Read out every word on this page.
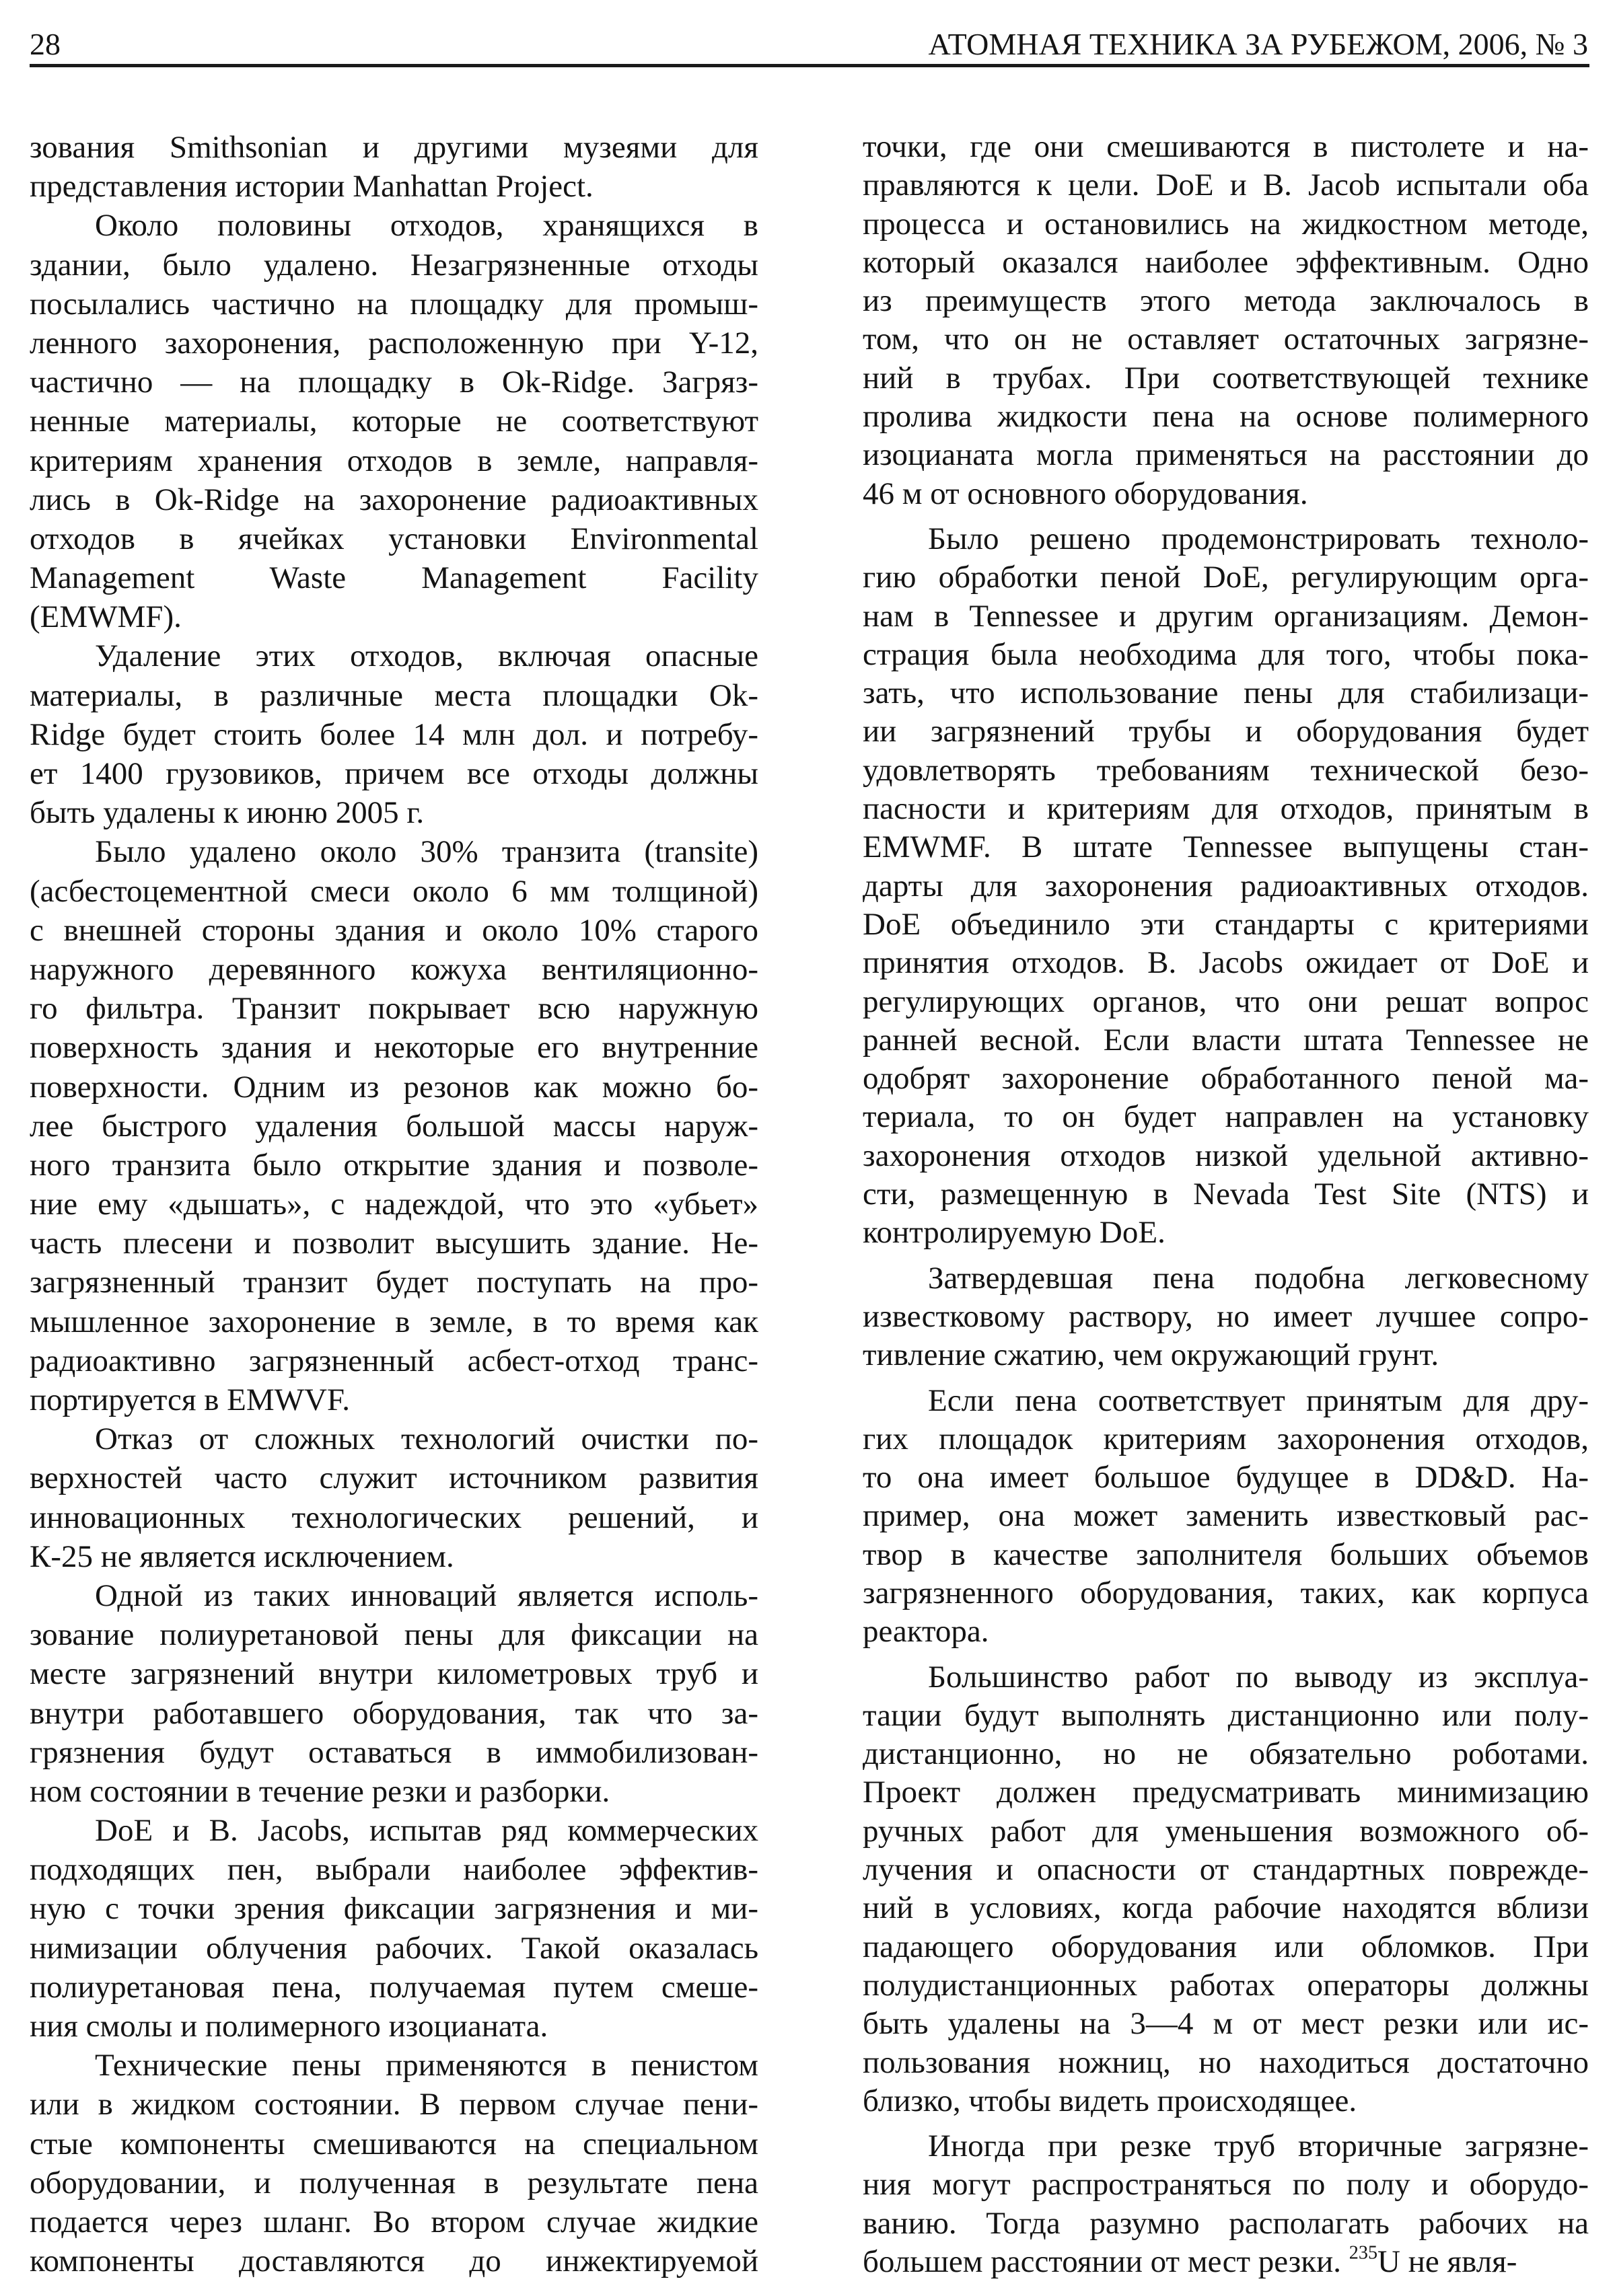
28	АТОМНАЯ ТЕХНИКА ЗА РУБЕЖОМ, 2006, № 3
зования Smithsonian и другими музеями для
представления истории Manhattan Project.
Около половины отходов, хранящихся в
здании, было удалено. Незагрязненные отходы
посылались частично на площадку для промыш-
ленного захоронения, расположенную при Y-12,
частично — на площадку в Ok-Ridge. Загряз-
ненные материалы, которые не соответствуют
критериям хранения отходов в земле, направля-
лись в Ok-Ridge на захоронение радиоактивных
отходов в ячейках установки Environmental
Management Waste Management Facility
(EMWMF).
Удаление этих отходов, включая опасные
материалы, в различные места площадки Ok-
Ridge будет стоить более 14 млн дол. и потребу-
ет 1400 грузовиков, причем все отходы должны
быть удалены к июню 2005 г.
Было удалено около 30% транзита (transite)
(асбестоцементной смеси около 6 мм толщиной)
с внешней стороны здания и около 10% старого
наружного деревянного кожуха вентиляционно-
го фильтра. Транзит покрывает всю наружную
поверхность здания и некоторые его внутренние
поверхности. Одним из резонов как можно бо-
лее быстрого удаления большой массы наруж-
ного транзита было открытие здания и позволе-
ние ему «дышать», с надеждой, что это «убьет»
часть плесени и позволит высушить здание. Не-
загрязненный транзит будет поступать на про-
мышленное захоронение в земле, в то время как
радиоактивно загрязненный асбест-отход транс-
портируется в EMWVF.
Отказ от сложных технологий очистки по-
верхностей часто служит источником развития
инновационных технологических решений, и
К-25 не является исключением.
Одной из таких инноваций является исполь-
зование полиуретановой пены для фиксации на
месте загрязнений внутри километровых труб и
внутри работавшего оборудования, так что за-
грязнения будут оставаться в иммобилизован-
ном состоянии в течение резки и разборки.
DoE и B. Jacobs, испытав ряд коммерческих
подходящих пен, выбрали наиболее эффектив-
ную с точки зрения фиксации загрязнения и ми-
нимизации облучения рабочих. Такой оказалась
полиуретановая пена, получаемая путем смеше-
ния смолы и полимерного изоцианата.
Технические пены применяются в пенистом
или в жидком состоянии. В первом случае пени-
стые компоненты смешиваются на специальном
оборудовании, и полученная в результате пена
подается через шланг. Во втором случае жидкие
компоненты доставляются до инжектируемой
точки, где они смешиваются в пистолете и на-
правляются к цели. DoE и B. Jacob испытали оба
процесса и остановились на жидкостном методе,
который оказался наиболее эффективным. Одно
из преимуществ этого метода заключалось в
том, что он не оставляет остаточных загрязне-
ний в трубах. При соответствующей технике
пролива жидкости пена на основе полимерного
изоцианата могла применяться на расстоянии до
46 м от основного оборудования.
Было решено продемонстрировать техноло-
гию обработки пеной DoE, регулирующим орга-
нам в Tennessee и другим организациям. Демон-
страция была необходима для того, чтобы пока-
зать, что использование пены для стабилизаци-
ии загрязнений трубы и оборудования будет
удовлетворять требованиям технической безо-
пасности и критериям для отходов, принятым в
EMWMF. В штате Tennessee выпущены стан-
дарты для захоронения радиоактивных отходов.
DoE объединило эти стандарты с критериями
принятия отходов. B. Jacobs ожидает от DoE и
регулирующих органов, что они решат вопрос
ранней весной. Если власти штата Tennessee не
одобрят захоронение обработанного пеной ма-
териала, то он будет направлен на установку
захоронения отходов низкой удельной активно-
сти, размещенную в Nevada Test Site (NTS) и
контролируемую DoE.
Затвердевшая пена подобна легковесному
известковому раствору, но имеет лучшее сопро-
тивление сжатию, чем окружающий грунт.
Если пена соответствует принятым для дру-
гих площадок критериям захоронения отходов,
то она имеет большое будущее в DD&D. На-
пример, она может заменить известковый рас-
твор в качестве заполнителя больших объемов
загрязненного оборудования, таких, как корпуса
реактора.
Большинство работ по выводу из эксплуа-
тации будут выполнять дистанционно или полу-
дистанционно, но не обязательно роботами.
Проект должен предусматривать минимизацию
ручных работ для уменьшения возможного об-
лучения и опасности от стандартных поврежде-
ний в условиях, когда рабочие находятся вблизи
падающего оборудования или обломков. При
полудистанционных работах операторы должны
быть удалены на 3—4 м от мест резки или ис-
пользования ножниц, но находиться достаточно
близко, чтобы видеть происходящее.
Иногда при резке труб вторичные загрязне-
ния могут распространяться по полу и оборудо-
ванию. Тогда разумно располагать рабочих на
большем расстоянии от мест резки. $^{235}$U не явля-
